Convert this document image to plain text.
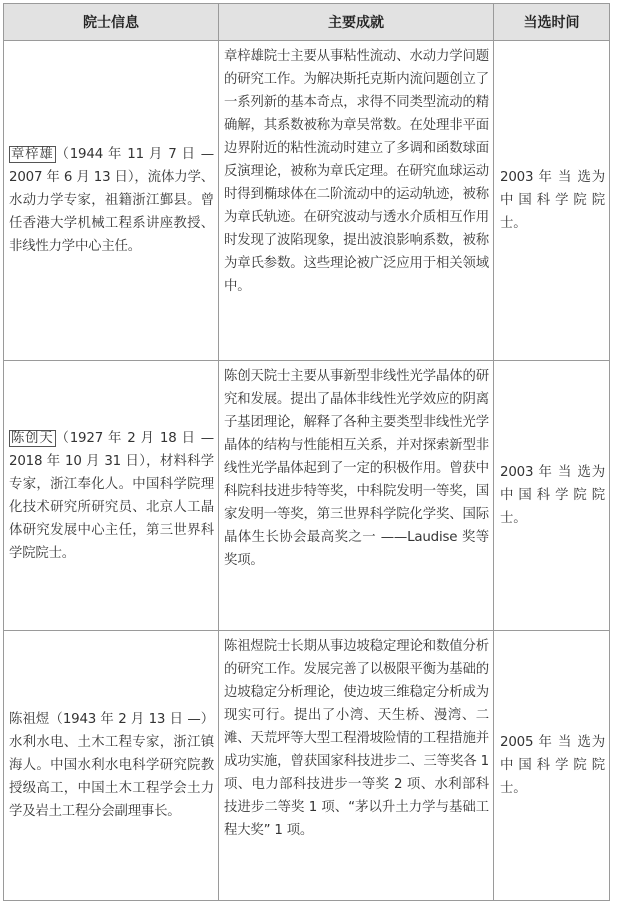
院士信息	主要成就	当选时间
章梓雄 （1944 年 11 月 7 日 — 2007 年 6 月 13 日），流体力学、水动力学专家，祖籍浙江鄞县。曾任香港大学机械工程系讲座教授、非线性力学中心主任。	章梓雄院士主要从事粘性流动、水动力学问题的研究工作。为解决斯托克斯内流问题创立了一系列新的基本奇点，求得不同类型流动的精确解，其系数被称为章吴常数。在处理非平面边界附近的粘性流动时建立了多调和函数球面反演理论，被称为章氏定理。在研究血球运动时得到椭球体在二阶流动中的运动轨迹，被称为章氏轨迹。在研究波动与透水介质相互作用时发现了波陷现象，提出波浪影响系数，被称为章氏参数。这些理论被广泛应用于相关领域中。	2003 年 当 选为中国科学院院士。
陈创天 （1927 年 2 月 18 日 — 2018 年 10 月 31 日），材料科学专家，浙江奉化人。中国科学院理化技术研究所研究员、北京人工晶体研究发展中心主任，第三世界科学院院士。	陈创天院士主要从事新型非线性光学晶体的研究和发展。提出了晶体非线性光学效应的阴离子基团理论，解释了各种主要类型非线性光学晶体的结构与性能相互关系，并对探索新型非线性光学晶体起到了一定的积极作用。曾获中科院科技进步特等奖，中科院发明一等奖，国家发明一等奖，第三世界科学院化学奖、国际晶体生长协会最高奖之一 ——Laudise 奖等奖项。	2003 年 当 选为中国科学院院士。
陈祖煜（1943 年 2 月 13 日 —）水利水电、土木工程专家，浙江镇海人。中国水利水电科学研究院教授级高工，中国土木工程学会土力学及岩土工程分会副理事长。	陈祖煜院士长期从事边坡稳定理论和数值分析的研究工作。发展完善了以极限平衡为基础的边坡稳定分析理论，使边坡三维稳定分析成为现实可行。提出了小湾、天生桥、漫湾、二滩、天荒坪等大型工程滑坡险情的工程措施并成功实施，曾获国家科技进步二、三等奖各 1 项、电力部科技进步一等奖 2 项、水利部科技进步二等奖 1 项、“茅以升土力学与基础工程大奖” 1 项。	2005 年 当 选为中国科学院院士。
